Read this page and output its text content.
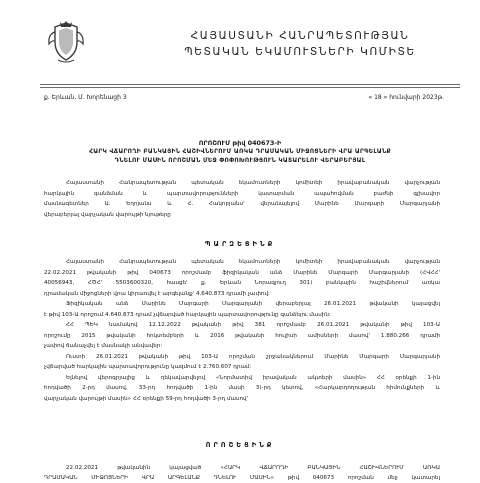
ՀԱՅԱՍՏԱՆԻ ՀԱՆՐԱՊԵՏՈՒԹՅԱՆ
ՊԵՏԱԿԱՆ ԵԿԱՄՈՒՏՆԵՐԻ ԿՈՄԻՏԵ
ք. Երևան, Մ. Խորենացի 3	« 18 » հունվարի 2023թ.
ՈՐՈՇՈՒՄ թիվ 040673-Ի
ՀԱՐԿ ՎՃԱՐՈՂԻ ԲԱՆԿԱՅԻՆ ՀԱՇԻՎՆԵՐՈՒՄ ԱՌԿԱ ԴՐԱՄԱԿԱՆ ՄԻՋՈՑՆԵՐԻ ՎՐԱ ԱՐԳԵԼԱՆՔ
ԴՆԵԼՈՒ ՄԱՍԻՆ ՈՐՈՇՄԱՆ ՄԵՋ ՓՈՓՈԽՈՒԹՅՈՒՆ ԿԱՏԱՐԵԼՈՒ ՎԵՐԱԲԵՐՅԱԼ
Հայաստանի Հանրապետության պետական եկամուտների կոմիտեի իրավաբանական վարչության
հարկային գանձման և պարտավորությունների կատարման ապահովման բաժնի գլխավոր
մասնագետներ Ա. Եղոյանս և Հ. Հակոբյանս' վերանայելով Մարինե Մարգարի Մարգարյանի
վերաբերյալ վարչական վարույթի նյութերը
ՊԱՐԶԵՑԻՆՔ
Հայաստանի Հանրապետության պետական եկամուտների կոմիտեի իրավաբանական վարչության
22.02.2021 թվականի թիվ 040673 որոշմամբ ֆիզիկական անձ Մարինե Մարգարի Մարգարյանի (ՀՎՀՀ'
40056943, ՀԾՀ' 5503600320, հասցե' ք. Երևան Նորագյուղ 301) բանկային հաշիվներում առկա
դրամական միջոցների վրա կիրառվել է արգելանք' 4.640.873 դրամի չափով:
Ֆիզիկական անձ Մարինե Մարգարի Մարգարյանի վերաբերյալ 26.01.2021 թվականի կայացվել
է թիվ 103-Ա որոշում 4.640.873 դրամ չվճարված հարկային պարտավորությունը գանձելու մասին:
ՀՀ ՊԵԿ նամակով 12.12.2022 թվականի թիվ 381 որոշմամբ 26.01.2021 թվականի թիվ 103-Ա
որոշումը 2015 թվականի հոկտեմբերի և 2016 թվականի հուլիսի ամիսների մասով' 1.880.266 դրամի
չափով ճանաչվել է մասնակի անվավեր:
Ուստի 26.01.2021 թվականի թիվ 103-Ա որոշման շրջանակներում Մարինե Մարգարի Մարգարյանի
չվճարված հարկային պարտավորությունը կազմում է 2.760.607 դրամ:
Ելնելով վերոգրյալից և ղեկավարվելով «Նորմատիվ իրավական ակտերի մասին» ՀՀ օրենքի 1-ին
հոդվածի 2-րդ մասով, 33-րդ հոդվածի 1-ին մասի 3)-րդ կետով, «Հարկարդողության հիմունքների և
վարչական վարույթի մասին» ՀՀ օրենքի 59-րդ հոդվածի 3-րդ մասով'
ՈՐՈՇԵՑԻՆՔ
22.02.2021 թվականին կայացված «ՀԱՐԿ ՎՃԱՐՈՂԻ ԲԱՆԿԱՅԻՆ ՀԱՇԻՎՆԵՐՈՒՄ ԱՌԿԱ
ԴՐԱՄԱԿԱՆ ՄԻՋՈՑՆԵՐԻ ՎՐԱ ԱՐԳԵԼԱՆՔ ԴՆԵԼՈՒ ՄԱՍԻՆ» թիվ 040673 որոշման մեջ կատարել
